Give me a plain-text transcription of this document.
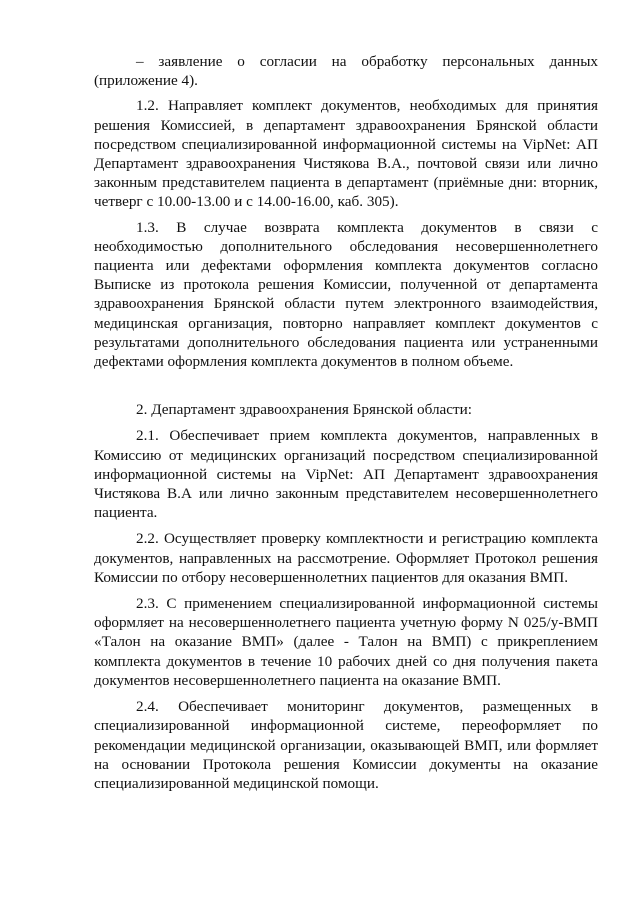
– заявление о согласии на обработку персональных данных (приложение 4).

1.2. Направляет комплект документов, необходимых для принятия решения Комиссией, в департамент здравоохранения Брянской области посредством специализированной информационной системы на VipNet: АП Департамент здравоохранения Чистякова В.А., почтовой связи или лично законным представителем пациента в департамент (приёмные дни: вторник, четверг с 10.00-13.00 и с 14.00-16.00, каб. 305).

1.3. В случае возврата комплекта документов в связи с необходимостью дополнительного обследования несовершеннолетнего пациента или дефектами оформления комплекта документов согласно Выписке из протокола решения Комиссии, полученной от департамента здравоохранения Брянской области путем электронного взаимодействия, медицинская организация, повторно направляет комплект документов с результатами дополнительного обследования пациента или устраненными дефектами оформления комплекта документов в полном объеме.

2. Департамент здравоохранения Брянской области:

2.1. Обеспечивает прием комплекта документов, направленных в Комиссию от медицинских организаций посредством специализированной информационной системы на VipNet: АП Департамент здравоохранения Чистякова В.А или лично законным представителем несовершеннолетнего пациента.

2.2. Осуществляет проверку комплектности и регистрацию комплекта документов, направленных на рассмотрение. Оформляет Протокол решения Комиссии по отбору несовершеннолетних пациентов для оказания ВМП.

2.3. С применением специализированной информационной системы оформляет на несовершеннолетнего пациента учетную форму N 025/у-ВМП «Талон на оказание ВМП» (далее - Талон на ВМП) с прикреплением комплекта документов в течение 10 рабочих дней со дня получения пакета документов несовершеннолетнего пациента на оказание ВМП.

2.4. Обеспечивает мониторинг документов, размещенных в специализированной информационной системе, переоформляет по рекомендации медицинской организации, оказывающей ВМП, или формляет на основании Протокола решения Комиссии документы на оказание специализированной медицинской помощи.
